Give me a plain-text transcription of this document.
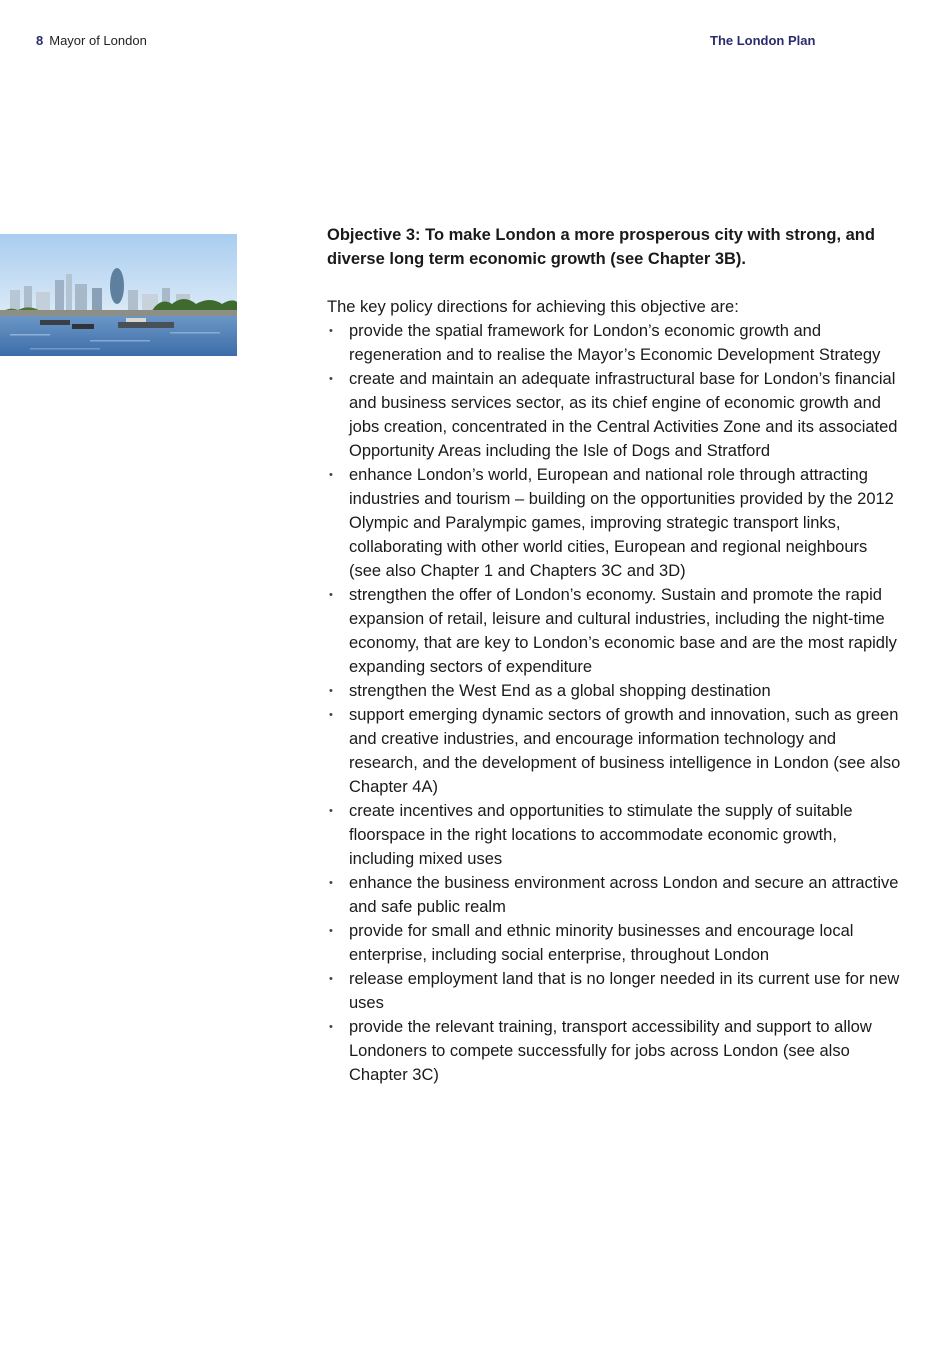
8 Mayor of London	The London Plan

Objective 3: To make London a more prosperous city with strong, and diverse long term economic growth (see Chapter 3B).

The key policy directions for achieving this objective are:

• provide the spatial framework for London’s economic growth and regeneration and to realise the Mayor’s Economic Development Strategy
• create and maintain an adequate infrastructural base for London’s financial and business services sector, as its chief engine of economic growth and jobs creation, concentrated in the Central Activities Zone and its associated Opportunity Areas including the Isle of Dogs and Stratford
• enhance London’s world, European and national role through attracting industries and tourism – building on the opportunities provided by the 2012 Olympic and Paralympic games, improving strategic transport links, collaborating with other world cities, European and regional neighbours (see also Chapter 1 and Chapters 3C and 3D)
• strengthen the offer of London’s economy. Sustain and promote the rapid expansion of retail, leisure and cultural industries, including the night-time economy, that are key to London’s economic base and are the most rapidly expanding sectors of expenditure
• strengthen the West End as a global shopping destination
• support emerging dynamic sectors of growth and innovation, such as green and creative industries, and encourage information technology and research, and the development of business intelligence in London (see also Chapter 4A)
• create incentives and opportunities to stimulate the supply of suitable floorspace in the right locations to accommodate economic growth, including mixed uses
• enhance the business environment across London and secure an attractive and safe public realm
• provide for small and ethnic minority businesses and encourage local enterprise, including social enterprise, throughout London
• release employment land that is no longer needed in its current use for new uses
• provide the relevant training, transport accessibility and support to allow Londoners to compete successfully for jobs across London (see also Chapter 3C)
